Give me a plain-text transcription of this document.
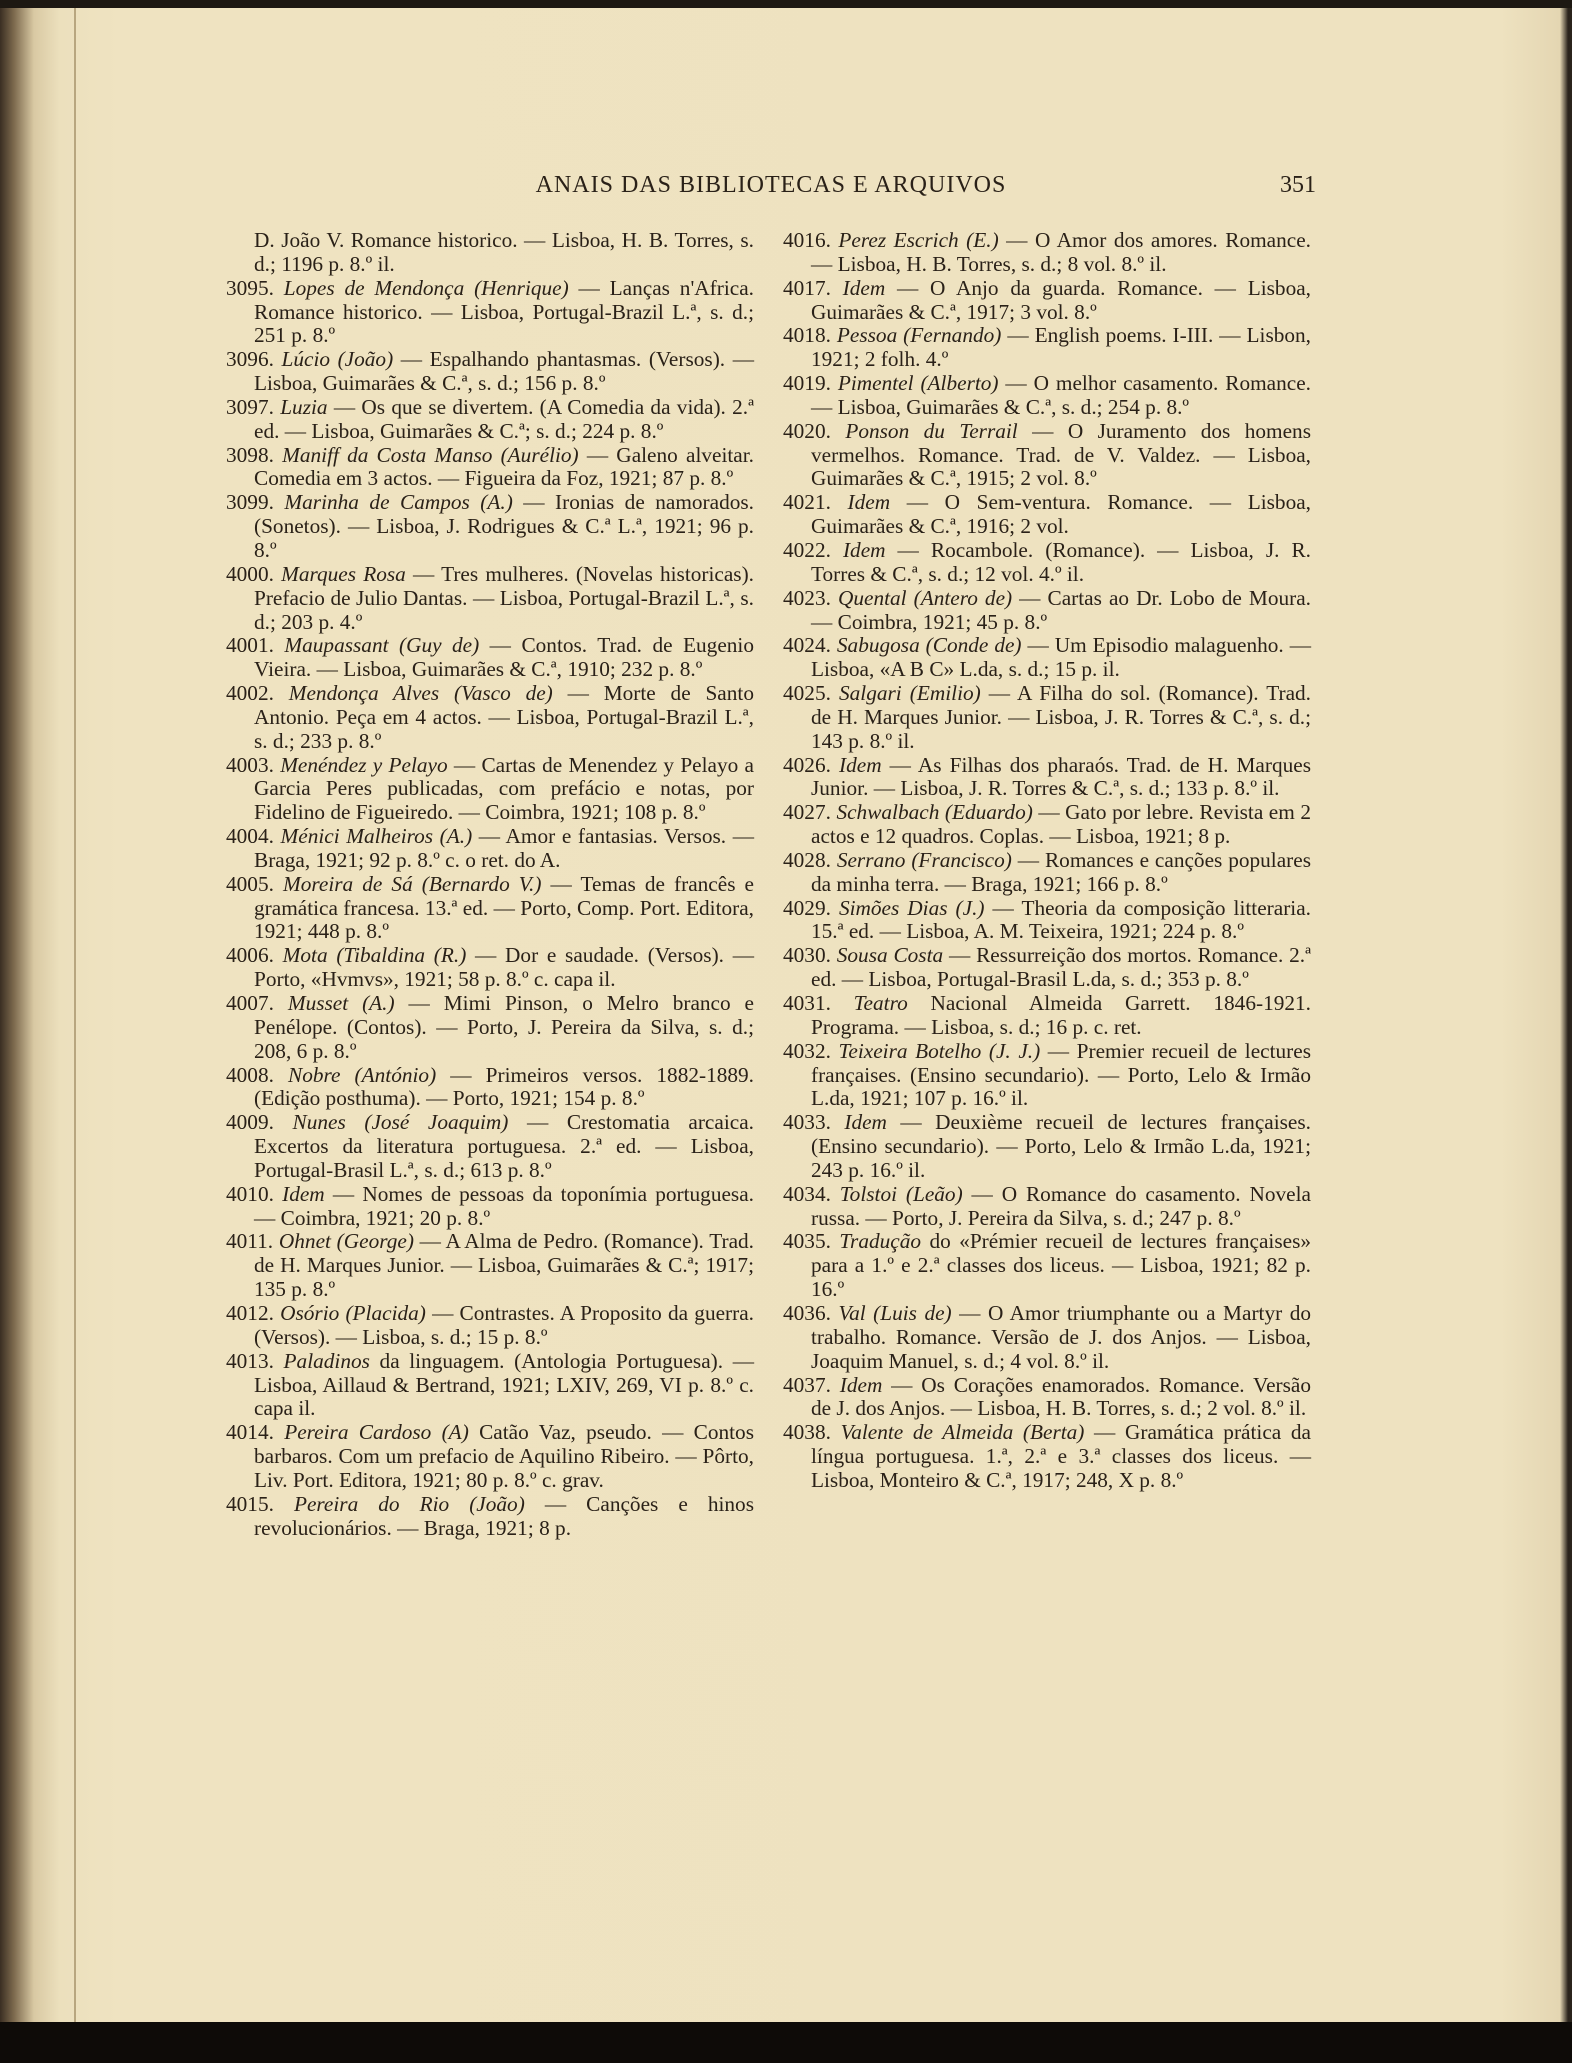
ANAIS DAS BIBLIOTECAS E ARQUIVOS	351

D. João V. Romance historico. — Lisboa, H. B. Torres, s. d.; 1196 p. 8.º il.

3095. Lopes de Mendonça (Henrique) — Lanças n'Africa. Romance historico. — Lisboa, Portugal-Brazil L.ª, s. d.; 251 p. 8.º

3096. Lúcio (João) — Espalhando phantasmas. (Versos). — Lisboa, Guimarães & C.ª, s. d.; 156 p. 8.º

3097. Luzia — Os que se divertem. (A Comedia da vida). 2.ª ed. — Lisboa, Guimarães & C.ª; s. d.; 224 p. 8.º

3098. Maniff da Costa Manso (Aurélio) — Galeno alveitar. Comedia em 3 actos. — Figueira da Foz, 1921; 87 p. 8.º

3099. Marinha de Campos (A.) — Ironias de namorados. (Sonetos). — Lisboa, J. Rodrigues & C.ª L.ª, 1921; 96 p. 8.º

4000. Marques Rosa — Tres mulheres. (Novelas historicas). Prefacio de Julio Dantas. — Lisboa, Portugal-Brazil L.ª, s. d.; 203 p. 4.º

4001. Maupassant (Guy de) — Contos. Trad. de Eugenio Vieira. — Lisboa, Guimarães & C.ª, 1910; 232 p. 8.º

4002. Mendonça Alves (Vasco de) — Morte de Santo Antonio. Peça em 4 actos. — Lisboa, Portugal-Brazil L.ª, s. d.; 233 p. 8.º

4003. Menéndez y Pelayo — Cartas de Menendez y Pelayo a Garcia Peres publicadas, com prefácio e notas, por Fidelino de Figueiredo. — Coimbra, 1921; 108 p. 8.º

4004. Ménici Malheiros (A.) — Amor e fantasias. Versos. — Braga, 1921; 92 p. 8.º c. o ret. do A.

4005. Moreira de Sá (Bernardo V.) — Temas de francês e gramática francesa. 13.ª ed. — Porto, Comp. Port. Editora, 1921; 448 p. 8.º

4006. Mota (Tibaldina (R.) — Dor e saudade. (Versos). — Porto, «Hvmvs», 1921; 58 p. 8.º c. capa il.

4007. Musset (A.) — Mimi Pinson, o Melro branco e Penélope. (Contos). — Porto, J. Pereira da Silva, s. d.; 208, 6 p. 8.º

4008. Nobre (António) — Primeiros versos. 1882-1889. (Edição posthuma). — Porto, 1921; 154 p. 8.º

4009. Nunes (José Joaquim) — Crestomatia arcaica. Excertos da literatura portuguesa. 2.ª ed. — Lisboa, Portugal-Brasil L.ª, s. d.; 613 p. 8.º

4010. Idem — Nomes de pessoas da toponímia portuguesa. — Coimbra, 1921; 20 p. 8.º

4011. Ohnet (George) — A Alma de Pedro. (Romance). Trad. de H. Marques Junior. — Lisboa, Guimarães & C.ª; 1917; 135 p. 8.º

4012. Osório (Placida) — Contrastes. A Proposito da guerra. (Versos). — Lisboa, s. d.; 15 p. 8.º

4013. Paladinos da linguagem. (Antologia Portuguesa). — Lisboa, Aillaud & Bertrand, 1921; LXIV, 269, VI p. 8.º c. capa il.

4014. Pereira Cardoso (A) Catão Vaz, pseudo. — Contos barbaros. Com um prefacio de Aquilino Ribeiro. — Pôrto, Liv. Port. Editora, 1921; 80 p. 8.º c. grav.

4015. Pereira do Rio (João) — Canções e hinos revolucionários. — Braga, 1921; 8 p.

4016. Perez Escrich (E.) — O Amor dos amores. Romance. — Lisboa, H. B. Torres, s. d.; 8 vol. 8.º il.

4017. Idem — O Anjo da guarda. Romance. — Lisboa, Guimarães & C.ª, 1917; 3 vol. 8.º

4018. Pessoa (Fernando) — English poems. I-III. — Lisbon, 1921; 2 folh. 4.º

4019. Pimentel (Alberto) — O melhor casamento. Romance. — Lisboa, Guimarães & C.ª, s. d.; 254 p. 8.º

4020. Ponson du Terrail — O Juramento dos homens vermelhos. Romance. Trad. de V. Valdez. — Lisboa, Guimarães & C.ª, 1915; 2 vol. 8.º

4021. Idem — O Sem-ventura. Romance. — Lisboa, Guimarães & C.ª, 1916; 2 vol.

4022. Idem — Rocambole. (Romance). — Lisboa, J. R. Torres & C.ª, s. d.; 12 vol. 4.º il.

4023. Quental (Antero de) — Cartas ao Dr. Lobo de Moura. — Coimbra, 1921; 45 p. 8.º

4024. Sabugosa (Conde de) — Um Episodio malaguenho. — Lisboa, «A B C» L.da, s. d.; 15 p. il.

4025. Salgari (Emilio) — A Filha do sol. (Romance). Trad. de H. Marques Junior. — Lisboa, J. R. Torres & C.ª, s. d.; 143 p. 8.º il.

4026. Idem — As Filhas dos pharaós. Trad. de H. Marques Junior. — Lisboa, J. R. Torres & C.ª, s. d.; 133 p. 8.º il.

4027. Schwalbach (Eduardo) — Gato por lebre. Revista em 2 actos e 12 quadros. Coplas. — Lisboa, 1921; 8 p.

4028. Serrano (Francisco) — Romances e canções populares da minha terra. — Braga, 1921; 166 p. 8.º

4029. Simões Dias (J.) — Theoria da composição litteraria. 15.ª ed. — Lisboa, A. M. Teixeira, 1921; 224 p. 8.º

4030. Sousa Costa — Ressurreição dos mortos. Romance. 2.ª ed. — Lisboa, Portugal-Brasil L.da, s. d.; 353 p. 8.º

4031. Teatro Nacional Almeida Garrett. 1846-1921. Programa. — Lisboa, s. d.; 16 p. c. ret.

4032. Teixeira Botelho (J. J.) — Premier recueil de lectures françaises. (Ensino secundario). — Porto, Lelo & Irmão L.da, 1921; 107 p. 16.º il.

4033. Idem — Deuxième recueil de lectures françaises. (Ensino secundario). — Porto, Lelo & Irmão L.da, 1921; 243 p. 16.º il.

4034. Tolstoi (Leão) — O Romance do casamento. Novela russa. — Porto, J. Pereira da Silva, s. d.; 247 p. 8.º

4035. Tradução do «Prémier recueil de lectures françaises» para a 1.º e 2.ª classes dos liceus. — Lisboa, 1921; 82 p. 16.º

4036. Val (Luis de) — O Amor triumphante ou a Martyr do trabalho. Romance. Versão de J. dos Anjos. — Lisboa, Joaquim Manuel, s. d.; 4 vol. 8.º il.

4037. Idem — Os Corações enamorados. Romance. Versão de J. dos Anjos. — Lisboa, H. B. Torres, s. d.; 2 vol. 8.º il.

4038. Valente de Almeida (Berta) — Gramática prática da língua portuguesa. 1.ª, 2.ª e 3.ª classes dos liceus. — Lisboa, Monteiro & C.ª, 1917; 248, X p. 8.º
